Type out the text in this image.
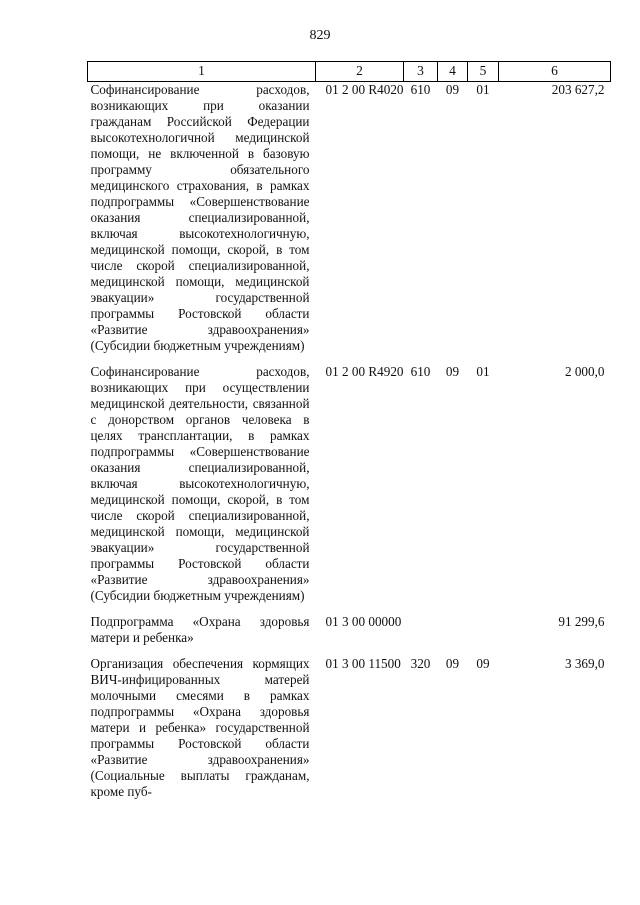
829
1	2	3	4	5	6
Софинансирование расходов, возникающих при оказании гражданам Российской Федерации высокотехнологичной медицинской помощи, не включенной в базовую программу обязательного медицинского страхования, в рамках подпрограммы «Совершенствование оказания специализированной, включая высокотехнологичную, медицинской помощи, скорой, в том числе скорой специализированной, медицинской помощи, медицинской эвакуации» государственной программы Ростовской области «Развитие здравоохранения» (Субсидии бюджетным учреждениям)	01 2 00 R4020	610	09	01	203 627,2
Софинансирование расходов, возникающих при осуществлении медицинской деятельности, связанной с донорством органов человека в целях трансплантации, в рамках подпрограммы «Совершенствование оказания специализированной, включая высокотехнологичную, медицинской помощи, скорой, в том числе скорой специализированной, медицинской помощи, медицинской эвакуации» государственной программы Ростовской области «Развитие здравоохранения» (Субсидии бюджетным учреждениям)	01 2 00 R4920	610	09	01	2 000,0
Подпрограмма «Охрана здоровья матери и ребенка»	01 3 00 00000				91 299,6
Организация обеспечения кормящих ВИЧ-инфицированных матерей молочными смесями в рамках подпрограммы «Охрана здоровья матери и ребенка» государственной программы Ростовской области «Развитие здравоохранения» (Социальные выплаты гражданам, кроме пуб-	01 3 00 11500	320	09	09	3 369,0
